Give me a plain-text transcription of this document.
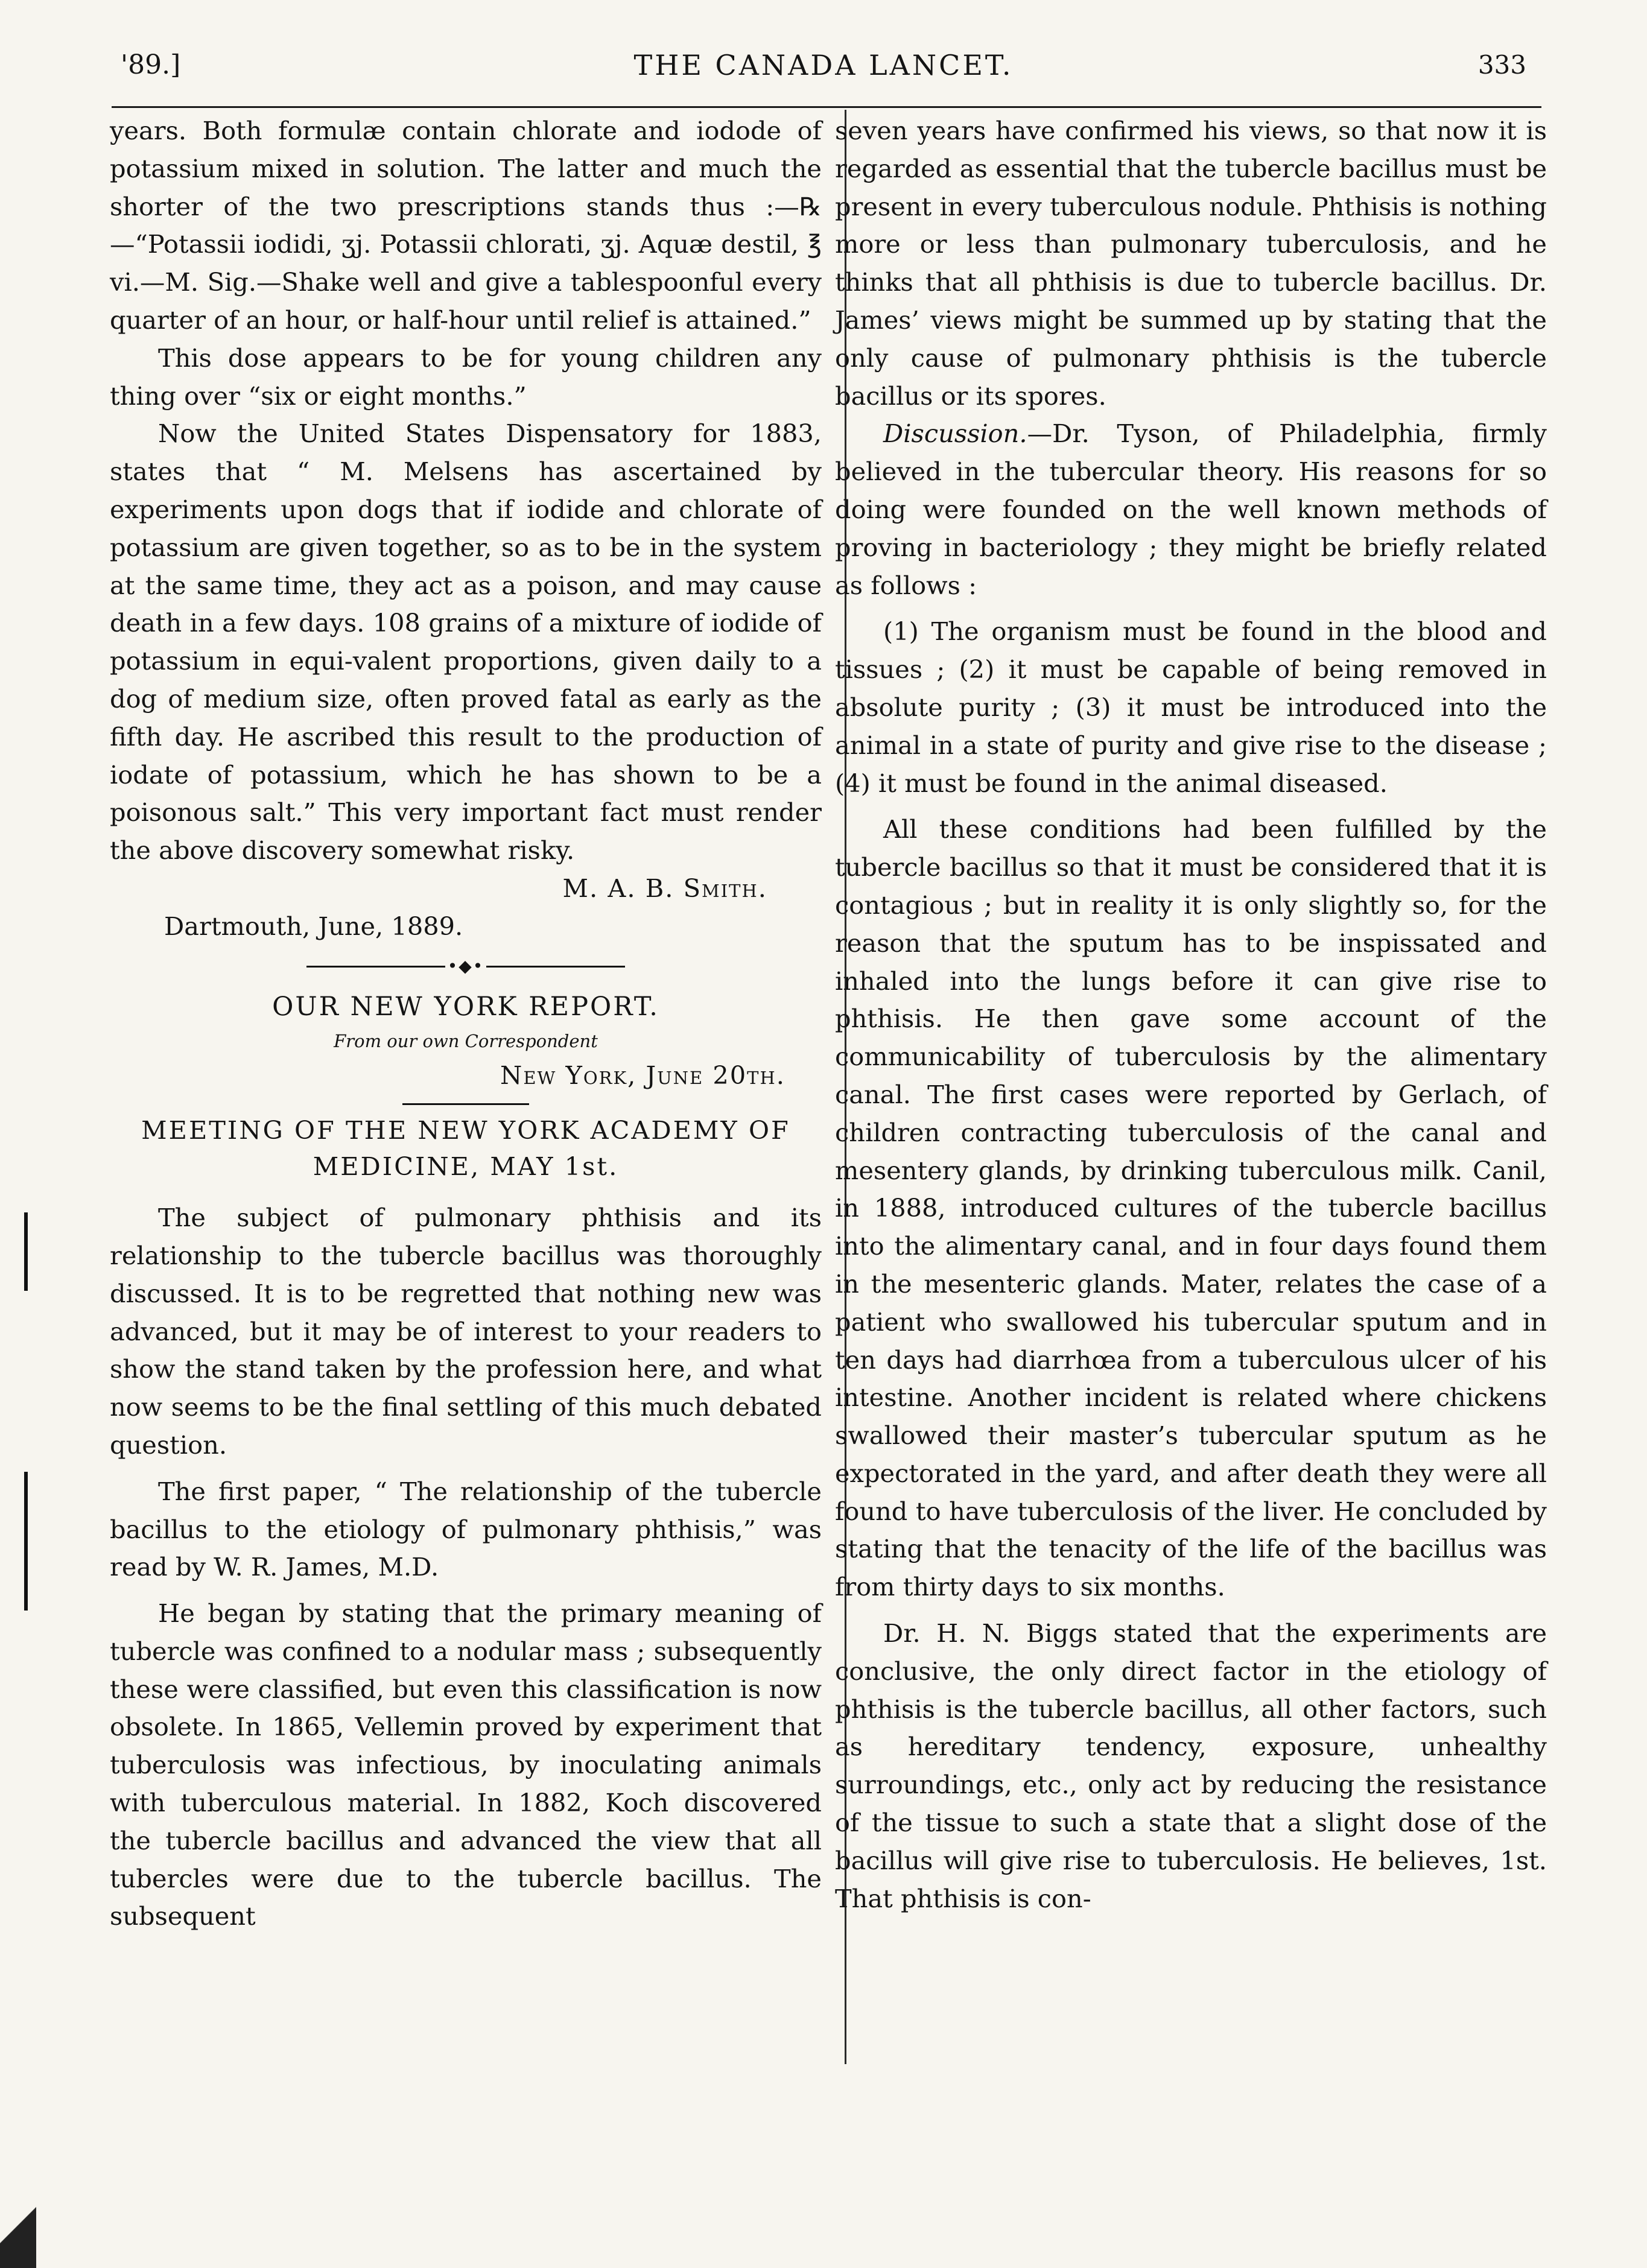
THE CANADA LANCET.
'89.]	333

years. Both formulæ contain chlorate and iodode of potassium mixed in solution. The latter and much the shorter of the two prescriptions stands thus :—℞—“Potassii iodidi, ʒj. Potassii chlorati, ʒj. Aquæ destil, ℥ vi.—M. Sig.—Shake well and give a tablespoonful every quarter of an hour, or half-hour until relief is attained.”

This dose appears to be for young children any thing over “six or eight months.”

Now the United States Dispensatory for 1883, states that “ M. Melsens has ascertained by experiments upon dogs that if iodide and chlorate of potassium are given together, so as to be in the system at the same time, they act as a poison, and may cause death in a few days. 108 grains of a mixture of iodide of potassium in equi-valent proportions, given daily to a dog of medium size, often proved fatal as early as the fifth day. He ascribed this result to the production of iodate of potassium, which he has shown to be a poisonous salt.” This very important fact must render the above discovery somewhat risky.

M. A. B. Smith.
Dartmouth, June, 1889.
•◆•
OUR NEW YORK REPORT.
From our own Correspondent
New York, June 20th.
MEETING OF THE NEW YORK ACADEMY OF MEDICINE, MAY 1st.

The subject of pulmonary phthisis and its relationship to the tubercle bacillus was thoroughly discussed. It is to be regretted that nothing new was advanced, but it may be of interest to your readers to show the stand taken by the profession here, and what now seems to be the final settling of this much debated question.

The first paper, “ The relationship of the tubercle bacillus to the etiology of pulmonary phthisis,” was read by W. R. James, M.D.

He began by stating that the primary meaning of tubercle was confined to a nodular mass ; subsequently these were classified, but even this classification is now obsolete. In 1865, Vellemin proved by experiment that tuberculosis was infectious, by inoculating animals with tuberculous material. In 1882, Koch discovered the tubercle bacillus and advanced the view that all tubercles were due to the tubercle bacillus. The subsequent

seven years have confirmed his views, so that now it is regarded as essential that the tubercle bacillus must be present in every tuberculous nodule. Phthisis is nothing more or less than pulmonary tuberculosis, and he thinks that all phthisis is due to tubercle bacillus. Dr. James’ views might be summed up by stating that the only cause of pulmonary phthisis is the tubercle bacillus or its spores.

Discussion.—Dr. Tyson, of Philadelphia, firmly believed in the tubercular theory. His reasons for so doing were founded on the well known methods of proving in bacteriology ; they might be briefly related as follows :

(1) The organism must be found in the blood and tissues ; (2) it must be capable of being removed in absolute purity ; (3) it must be introduced into the animal in a state of purity and give rise to the disease ; (4) it must be found in the animal diseased.

All these conditions had been fulfilled by the tubercle bacillus so that it must be considered that it is contagious ; but in reality it is only slightly so, for the reason that the sputum has to be inspissated and inhaled into the lungs before it can give rise to phthisis. He then gave some account of the communicability of tuberculosis by the alimentary canal. The first cases were reported by Gerlach, of children contracting tuberculosis of the canal and mesentery glands, by drinking tuberculous milk. Canil, in 1888, introduced cultures of the tubercle bacillus into the alimentary canal, and in four days found them in the mesenteric glands. Mater, relates the case of a patient who swallowed his tubercular sputum and in ten days had diarrhœa from a tuberculous ulcer of his intestine. Another incident is related where chickens swallowed their master’s tubercular sputum as he expectorated in the yard, and after death they were all found to have tuberculosis of the liver. He concluded by stating that the tenacity of the life of the bacillus was from thirty days to six months.

Dr. H. N. Biggs stated that the experiments are conclusive, the only direct factor in the etiology of phthisis is the tubercle bacillus, all other factors, such as hereditary tendency, exposure, unhealthy surroundings, etc., only act by reducing the resistance of the tissue to such a state that a slight dose of the bacillus will give rise to tuberculosis. He believes, 1st. That phthisis is con-
